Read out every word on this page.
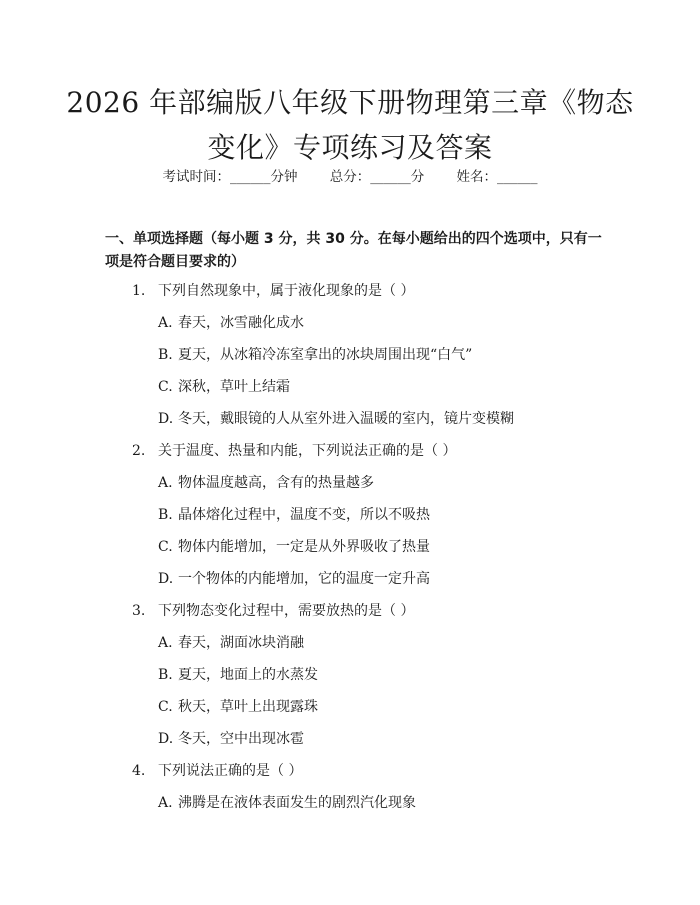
2026 年部编版八年级下册物理第三章《物态
变化》专项练习及答案
考试时间：______分钟 总分：______分 姓名：______
一、单项选择题（每小题 3 分，共 30 分。在每小题给出的四个选项中，只有一项是符合题目要求的）
1. 下列自然现象中，属于液化现象的是（ ）
A. 春天，冰雪融化成水
B. 夏天，从冰箱冷冻室拿出的冰块周围出现“白气”
C. 深秋，草叶上结霜
D. 冬天，戴眼镜的人从室外进入温暖的室内，镜片变模糊
2. 关于温度、热量和内能，下列说法正确的是（ ）
A. 物体温度越高，含有的热量越多
B. 晶体熔化过程中，温度不变，所以不吸热
C. 物体内能增加，一定是从外界吸收了热量
D. 一个物体的内能增加，它的温度一定升高
3. 下列物态变化过程中，需要放热的是（ ）
A. 春天，湖面冰块消融
B. 夏天，地面上的水蒸发
C. 秋天，草叶上出现露珠
D. 冬天，空中出现冰雹
4. 下列说法正确的是（ ）
A. 沸腾是在液体表面发生的剧烈汽化现象
